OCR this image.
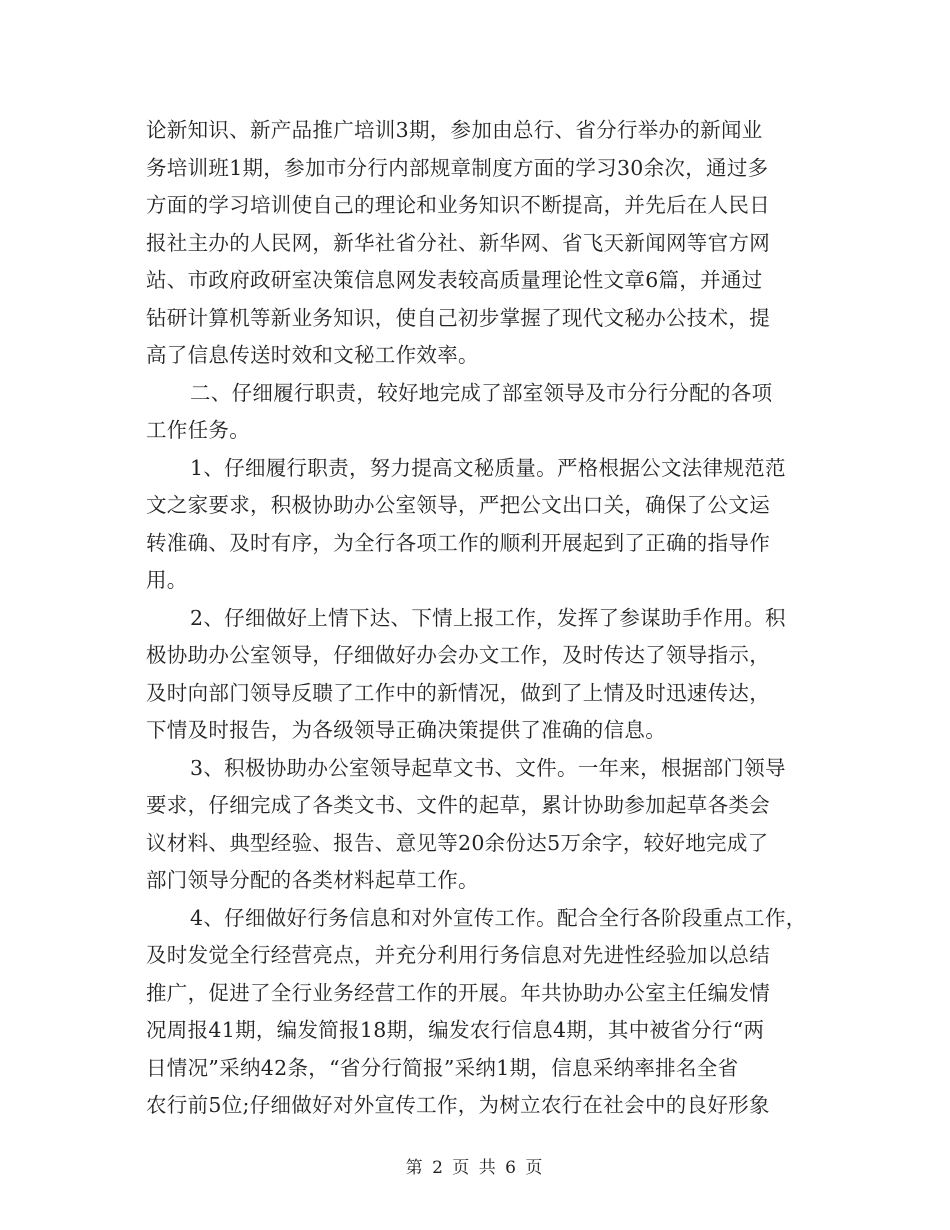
论新知识、新产品推广培训3期，参加由总行、省分行举办的新闻业
务培训班1期，参加市分行内部规章制度方面的学习30余次，通过多
方面的学习培训使自己的理论和业务知识不断提高，并先后在人民日
报社主办的人民网，新华社省分社、新华网、省飞天新闻网等官方网
站、市政府政研室决策信息网发表较高质量理论性文章6篇，并通过
钻研计算机等新业务知识，使自己初步掌握了现代文秘办公技术，提
高了信息传送时效和文秘工作效率。
二、仔细履行职责，较好地完成了部室领导及市分行分配的各项
工作任务。
1、仔细履行职责，努力提高文秘质量。严格根据公文法律规范范
文之家要求，积极协助办公室领导，严把公文出口关，确保了公文运
转准确、及时有序，为全行各项工作的顺利开展起到了正确的指导作
用。
2、仔细做好上情下达、下情上报工作，发挥了参谋助手作用。积
极协助办公室领导，仔细做好办会办文工作，及时传达了领导指示，
及时向部门领导反聩了工作中的新情况，做到了上情及时迅速传达，
下情及时报告，为各级领导正确决策提供了准确的信息。
3、积极协助办公室领导起草文书、文件。一年来，根据部门领导
要求，仔细完成了各类文书、文件的起草，累计协助参加起草各类会
议材料、典型经验、报告、意见等20余份达5万余字，较好地完成了
部门领导分配的各类材料起草工作。
4、仔细做好行务信息和对外宣传工作。配合全行各阶段重点工作，
及时发觉全行经营亮点，并充分利用行务信息对先进性经验加以总结
推广，促进了全行业务经营工作的开展。年共协助办公室主任编发情
况周报41期，编发简报18期，编发农行信息4期，其中被省分行“两
日情况”采纳42条，“省分行简报”采纳1期，信息采纳率排名全省
农行前5位;仔细做好对外宣传工作，为树立农行在社会中的良好形象
第 2 页 共 6 页
